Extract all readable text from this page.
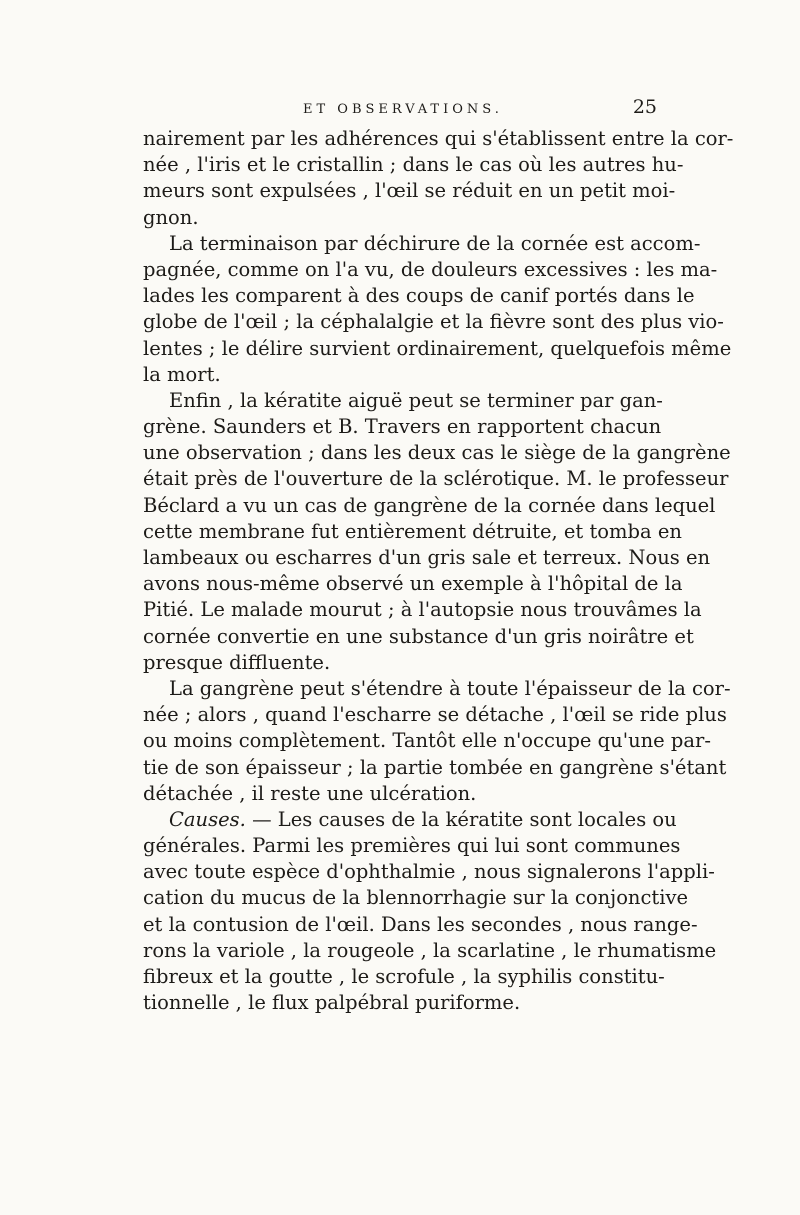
ET OBSERVATIONS.	25
nairement par les adhérences qui s'établissent entre la cor-
née , l'iris et le cristallin ; dans le cas où les autres hu-
meurs sont expulsées , l'œil se réduit en un petit moi-
gnon.
La terminaison par déchirure de la cornée est accom-
pagnée, comme on l'a vu, de douleurs excessives : les ma-
lades les comparent à des coups de canif portés dans le
globe de l'œil ; la céphalalgie et la fièvre sont des plus vio-
lentes ; le délire survient ordinairement, quelquefois même
la mort.
Enfin , la kératite aiguë peut se terminer par gan-
grène. Saunders et B. Travers en rapportent chacun
une observation ; dans les deux cas le siège de la gangrène
était près de l'ouverture de la sclérotique. M. le professeur
Béclard a vu un cas de gangrène de la cornée dans lequel
cette membrane fut entièrement détruite, et tomba en
lambeaux ou escharres d'un gris sale et terreux. Nous en
avons nous-même observé un exemple à l'hôpital de la
Pitié. Le malade mourut ; à l'autopsie nous trouvâmes la
cornée convertie en une substance d'un gris noirâtre et
presque diffluente.
La gangrène peut s'étendre à toute l'épaisseur de la cor-
née ; alors , quand l'escharre se détache , l'œil se ride plus
ou moins complètement. Tantôt elle n'occupe qu'une par-
tie de son épaisseur ; la partie tombée en gangrène s'étant
détachée , il reste une ulcération.
Causes. — Les causes de la kératite sont locales ou
générales. Parmi les premières qui lui sont communes
avec toute espèce d'ophthalmie , nous signalerons l'appli-
cation du mucus de la blennorrhagie sur la conjonctive
et la contusion de l'œil. Dans les secondes , nous range-
rons la variole , la rougeole , la scarlatine , le rhumatisme
fibreux et la goutte , le scrofule , la syphilis constitu-
tionnelle , le flux palpébral puriforme.
